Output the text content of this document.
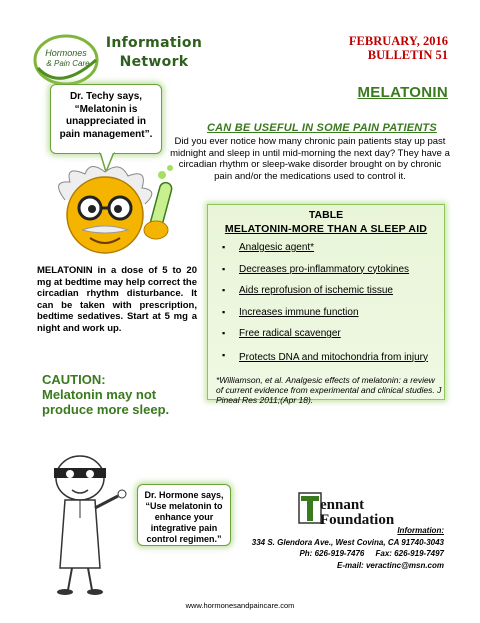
Hormones
& Pain Care
Information
Network
FEBRUARY, 2016
BULLETIN 51
MELATONIN
Dr. Techy says,
“Melatonin is
unappreciated in
pain management”.	CAN BE USEFUL IN SOME PAIN PATIENTS
Did you ever notice how many chronic pain patients stay up past midnight and sleep in until mid-morning the next day? They have a circadian rhythm or sleep-wake disorder brought on by chronic pain and/or the medications used to control it.
TABLE
MELATONIN-MORE THAN A SLEEP AID
▪ Analgesic agent*
▪ Decreases pro-inflammatory cytokines
▪ Aids reprofusion of ischemic tissue
▪ Increases immune function
▪ Free radical scavenger
▪ Protects DNA and mitochondria from injury
*Williamson, et al. Analgesic effects of melatonin: a review of current evidence from experimental and clinical studies. J Pineal Res 2011;(Apr 18).
MELATONIN in a dose of 5 to 20 mg at bedtime may help correct the circadian rhythm disturbance. It can be taken with prescription, bedtime sedatives. Start at 5 mg a night and work up.
CAUTION:
Melatonin may not
produce more sleep.
Dr. Hormone says,
“Use melatonin to
enhance your
integrative pain
control regimen.”
ennant
Foundation
Information:
334 S. Glendora Ave., West Covina, CA 91740-3043
Ph: 626-919-7476     Fax: 626-919-7497
E-mail: veractinc@msn.com
www.hormonesandpaincare.com
